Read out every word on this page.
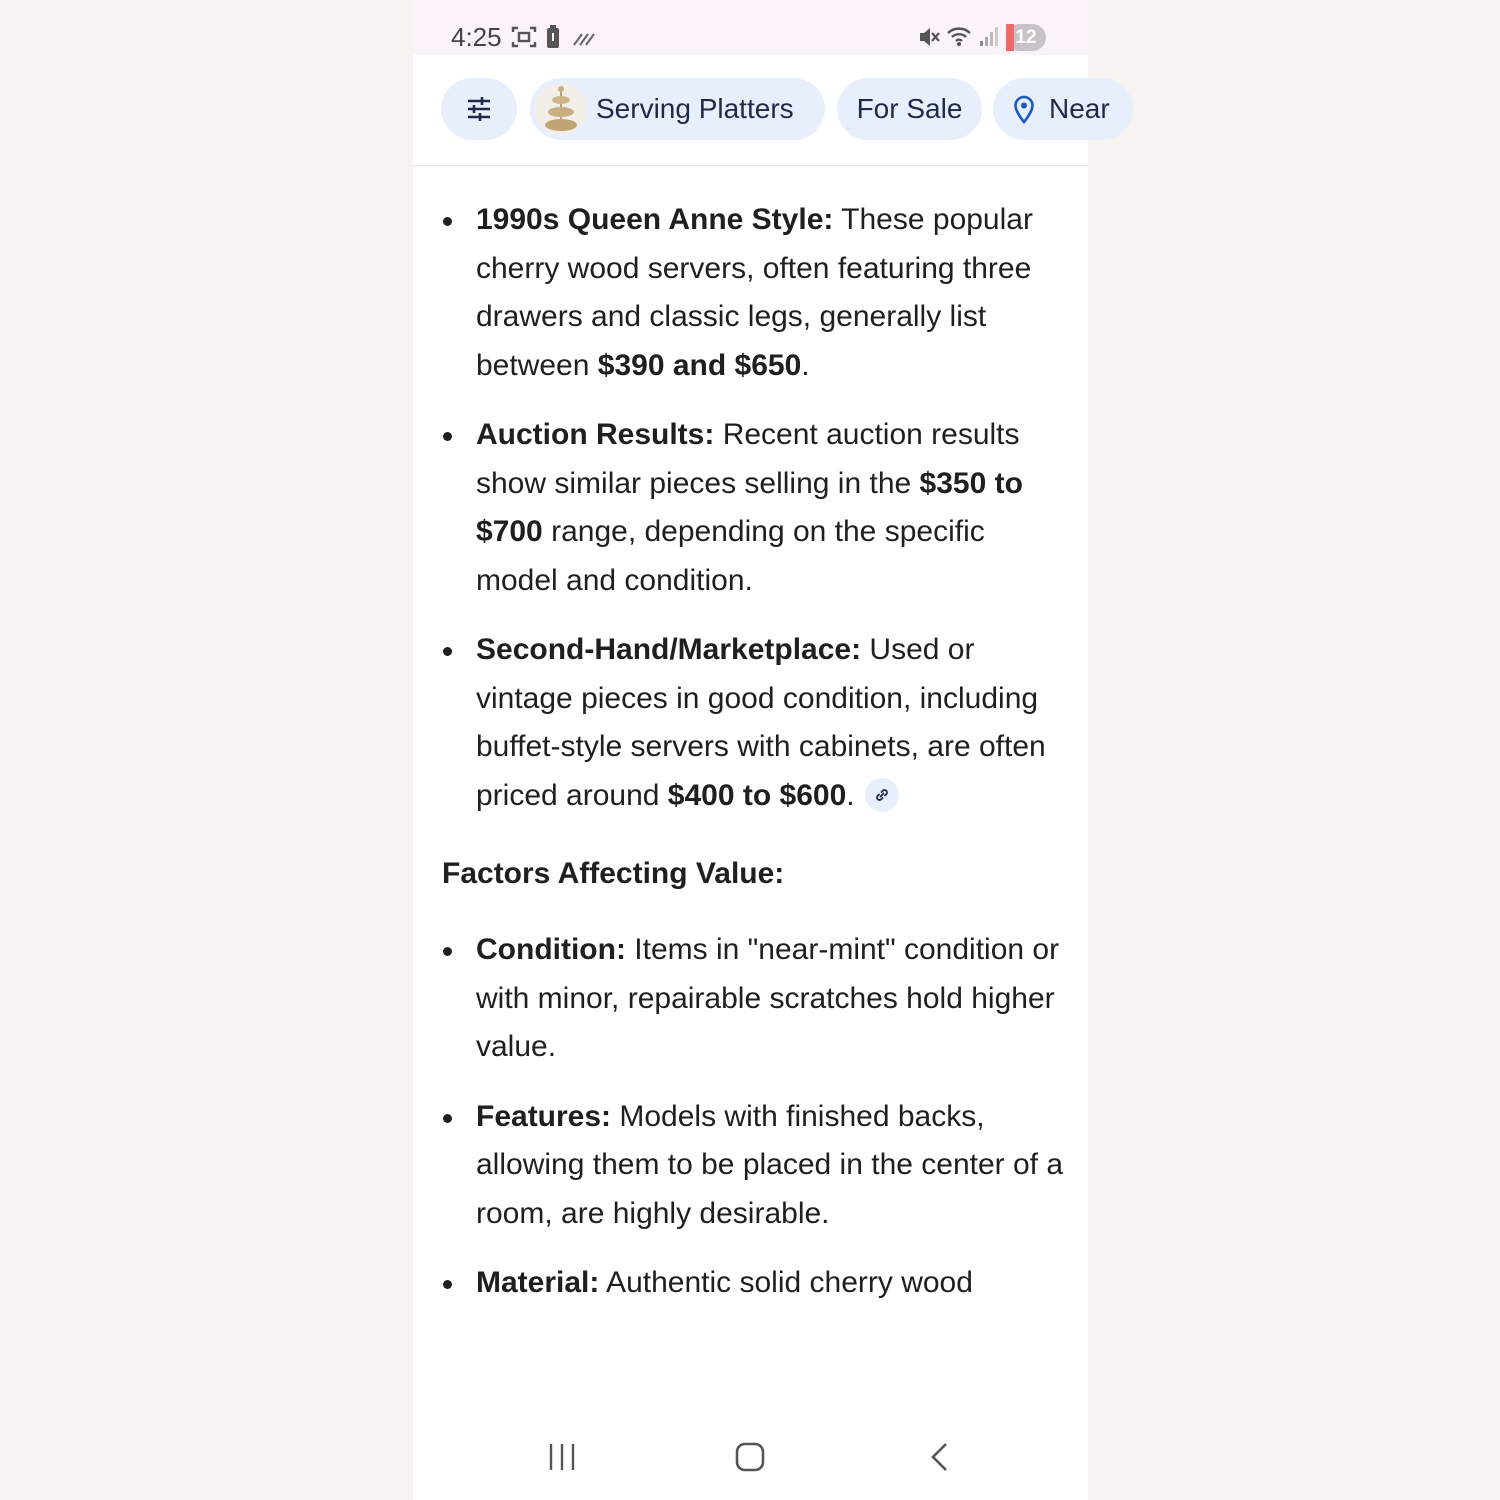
4:25	12
Serving Platters	For Sale	Near
1990s Queen Anne Style: These popular cherry wood servers, often featuring three drawers and classic legs, generally list between $390 and $650.
Auction Results: Recent auction results show similar pieces selling in the $350 to $700 range, depending on the specific model and condition.
Second-Hand/Marketplace: Used or vintage pieces in good condition, including buffet-style servers with cabinets, are often priced around $400 to $600.
Factors Affecting Value:
Condition: Items in "near-mint" condition or with minor, repairable scratches hold higher value.
Features: Models with finished backs, allowing them to be placed in the center of a room, are highly desirable.
Material: Authentic solid cherry wood
